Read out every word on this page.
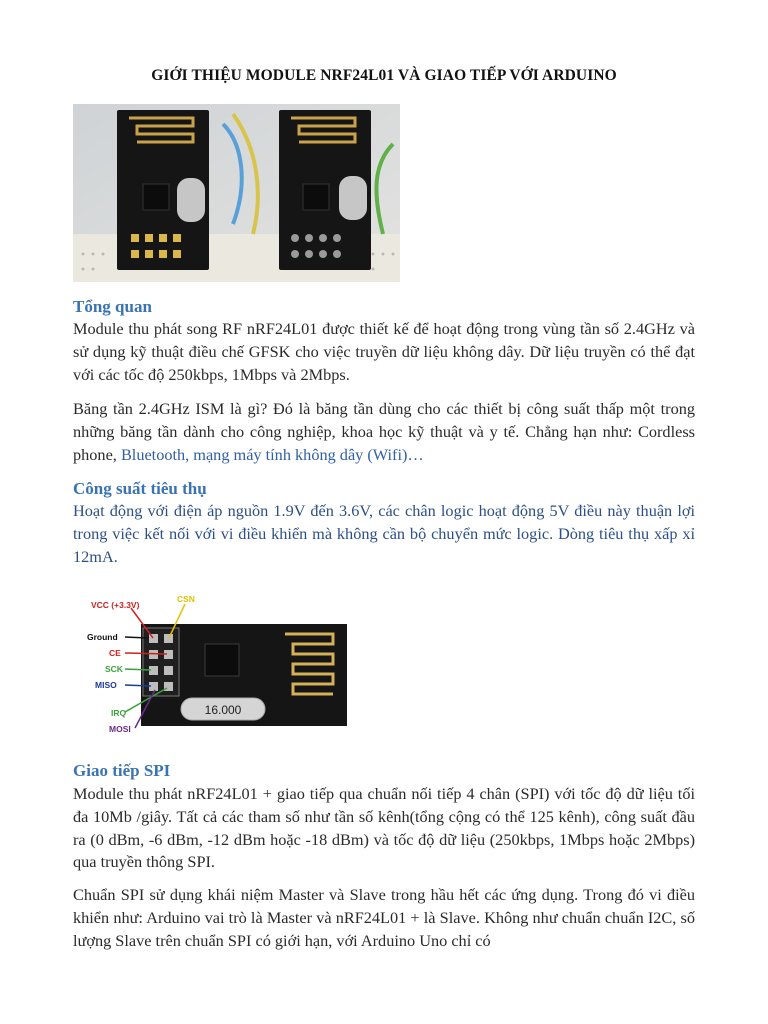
GIỚI THIỆU MODULE NRF24L01 VÀ GIAO TIẾP VỚI ARDUINO
Tổng quan
Module thu phát song RF nRF24L01 được thiết kế để hoạt động trong vùng tần số 2.4GHz và sử dụng kỹ thuật điều chế GFSK cho việc truyền dữ liệu không dây. Dữ liệu truyền có thể đạt với các tốc độ 250kbps, 1Mbps và 2Mbps.
Băng tần 2.4GHz ISM là gì? Đó là băng tần dùng cho các thiết bị công suất thấp một trong những băng tần dành cho công nghiệp, khoa học kỹ thuật và y tế. Chẳng hạn như: Cordless phone, Bluetooth, mạng máy tính không dây (Wifi)…
Công suất tiêu thụ
Hoạt động với điện áp nguồn 1.9V đến 3.6V, các chân logic hoạt động 5V điều này thuận lợi trong việc kết nối với vi điều khiển mà không cần bộ chuyển mức logic. Dòng tiêu thụ xấp xỉ 12mA.
16.000
VCC (+3.3V)
CSN
Ground
CE
SCK
MISO
IRQ
MOSI
Giao tiếp SPI
Module thu phát nRF24L01 + giao tiếp qua chuẩn nối tiếp 4 chân (SPI) với tốc độ dữ liệu tối đa 10Mb /giây. Tất cả các tham số như tần số kênh(tổng cộng có thể 125 kênh), công suất đầu ra (0 dBm, -6 dBm, -12 dBm hoặc -18 dBm) và tốc độ dữ liệu (250kbps, 1Mbps hoặc 2Mbps) qua truyền thông SPI.
Chuẩn SPI sử dụng khái niệm Master và Slave trong hầu hết các ứng dụng. Trong đó vi điều khiển như: Arduino vai trò là Master và nRF24L01 + là Slave. Không như chuẩn chuẩn I2C, số lượng Slave trên chuẩn SPI có giới hạn, với Arduino Uno chỉ có
